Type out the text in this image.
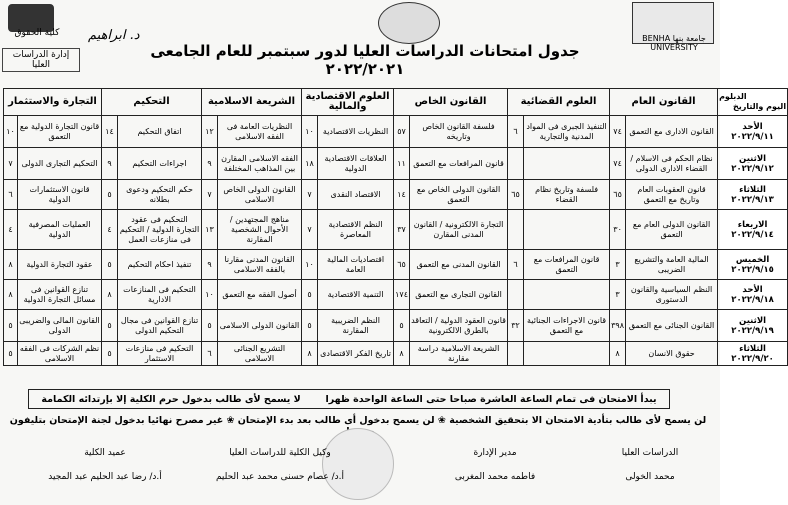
كلية الحقوق
إدارة الدراسات العليا
د. ابراهيم	جامعة بنها BENHA UNIVERSITY
جدول امتحانات الدراسات العليا لدور سبتمبر للعام الجامعى ٢٠٢٢/٢٠٢١
الدبلوم
اليوم والتاريخ	القانون العام		العلوم القضائية		القانون الخاص		العلوم الاقتصادية والمالية		الشريعة الاسلامية		التحكيم		التجارة والاستثمار	

الأحد
٢٠٢٢/٩/١١	القانون الادارى مع التعمق	٧٤	التنفيذ الجبرى فى المواد المدنية والتجارية	٦	فلسفة القانون الخاص وتاريخه	٥٧	النظريات الاقتصادية	١٠	النظريات العامة فى الفقه الاسلامى	١٢	اتفاق التحكيم	١٤	قانون التجارة الدولية مع التعمق	١٠

الاثنين
٢٠٢٢/٩/١٢	نظام الحكم فى الاسلام / القضاء الادارى الدولى	٧٤			قانون المرافعات مع التعمق	١١	العلاقات الاقتصادية الدولية	١٨	الفقه الاسلامى المقارن بين المذاهب المختلفة	٩	اجراءات التحكيم	٩	التحكيم التجارى الدولى	٧

الثلاثاء
٢٠٢٢/٩/١٣	قانون العقوبات العام وتاريخ مع التعمق	٦٥	فلسفة وتاريخ نظام القضاء	٦٥	القانون الدولى الخاص مع التعمق	١٤	الاقتصاد النقدى	٧	القانون الدولى الخاص الاسلامى	٧	حكم التحكيم ودعوى بطلانه	٥	قانون الاستثمارات الدولية	٦

الاربعاء
٢٠٢٢/٩/١٤	القانون الدولى العام مع التعمق	٣٠			التجارة الالكترونية / القانون المدنى المقارن	٣٧	النظم الاقتصادية المعاصرة	٧	مناهج المجتهدين / الأحوال الشخصية المقارنة	١٣	التحكيم فى عقود التجارة الدولية / التحكيم فى منازعات العمل	٤	العمليات المصرفية الدولية	٤

الخميس
٢٠٢٢/٩/١٥	المالية العامة والتشريع الضريبى	٣	قانون المرافعات مع التعمق	٦	القانون المدنى مع التعمق	٦٥	اقتصاديات المالية العامة	١٠	القانون المدنى مقارنا بالفقه الاسلامى	٩	تنفيذ احكام التحكيم	٥	عقود التجارة الدولية	٨

الأحد
٢٠٢٢/٩/١٨	النظم السياسية والقانون الدستورى	٣			القانون التجارى مع التعمق	١٧٤	التنمية الاقتصادية	٥	أصول الفقه مع التعمق	١٠	التحكيم فى المنازعات الادارية	٨	تنازع القوانين فى مسائل التجارة الدولية	٨

الاثنين
٢٠٢٢/٩/١٩	القانون الجنائى مع التعمق	٣٩٨	قانون الاجراءات الجنائية مع التعمق	٣٢	قانون العقود الدولية / التعاقد بالطرق الالكترونية	٥	النظم الضريبية المقارنة	٥	القانون الدولى الاسلامى	٥	تنازع القوانين فى مجال التحكيم الدولى	٥	القانون المالى والضريبى الدولى	٥

الثلاثاء
٢٠٢٢/٩/٢٠	حقوق الانسان	٨			الشريعة الاسلامية دراسة مقارنة	٨	تاريخ الفكر الاقتصادى	٨	التشريع الجنائى الاسلامى	٦	التحكيم فى منازعات الاستثمار	٥	نظم الشركات فى الفقه الاسلامى	٥
يبدأ الامتحان فى تمام الساعة العاشرة صباحا حتى الساعة الواحدة ظهرا
لا يسمح لأى طالب بدخول حرم الكلية إلا بإرتدائه الكمامة
لن يسمح لأى طالب بتأدية الامتحان الا بتحقيق الشخصية ❀ لن يسمح بدخول أى طالب بعد بدء الإمتحان ❀ غير مصرح نهائيا بدخول لجنة الإمتحان بتليفون
الدراسات العليا
محمد الخولى
مدير الإدارة
فاطمه محمد المغربى
وكيل الكلية للدراسات العليا
أ.د/ عصام حسنى محمد عبد الحليم
عميد الكلية
أ.د/ رضا عبد الحليم عبد المجيد
